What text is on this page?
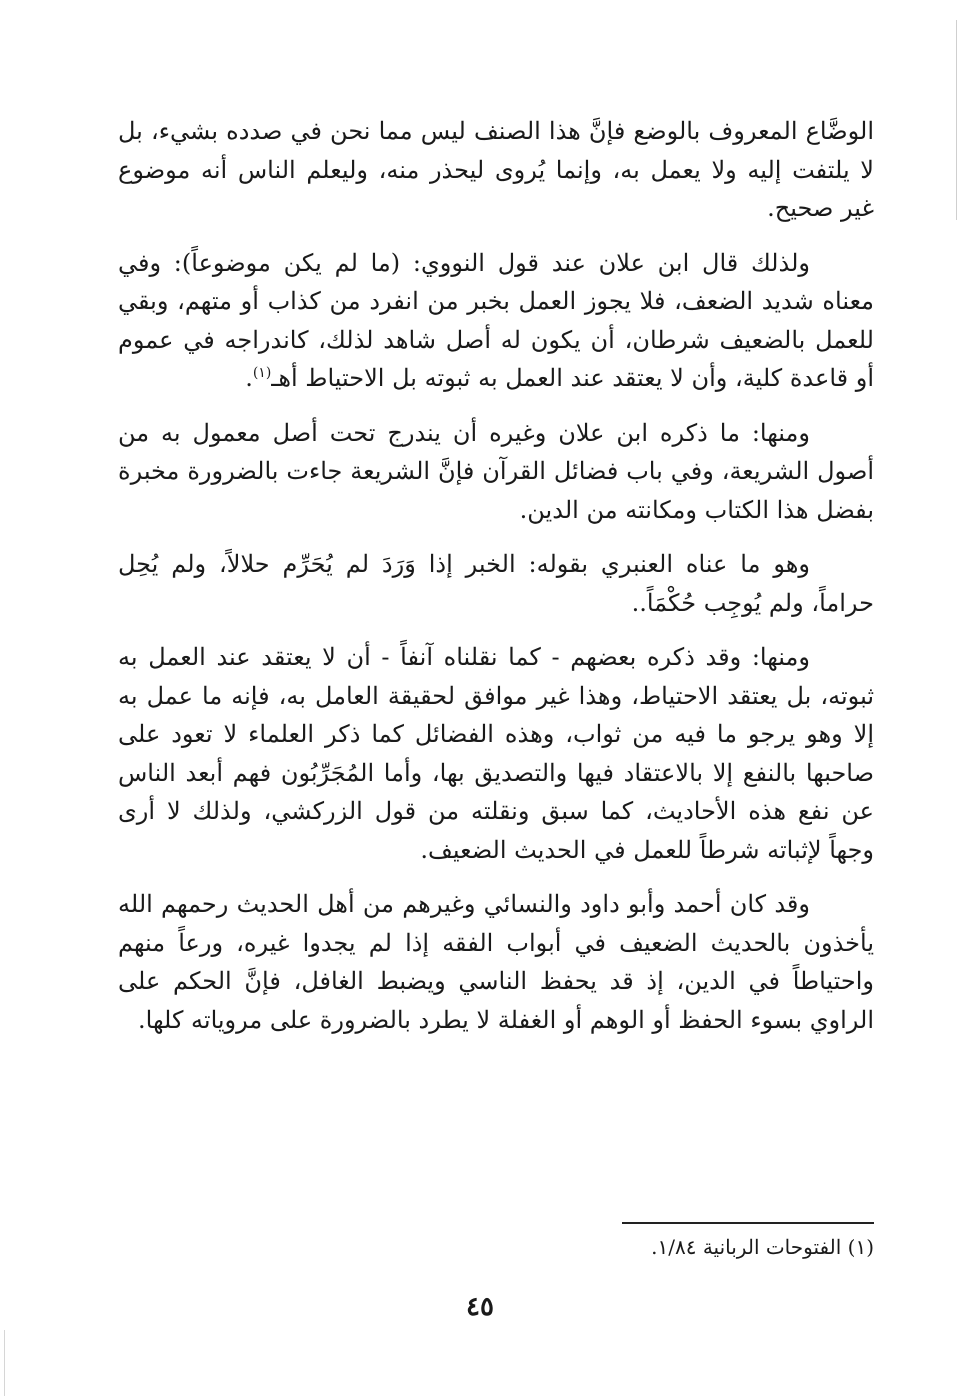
الوضَّاع المعروف بالوضع فإنَّ هذا الصنف ليس مما نحن في صدده بشيء، بل لا يلتفت إليه ولا يعمل به، وإنما يُروى ليحذر منه، وليعلم الناس أنه موضوع غير صحيح.

ولذلك قال ابن علان عند قول النووي: (ما لم يكن موضوعاً): وفي معناه شديد الضعف، فلا يجوز العمل بخبر من انفرد من كذاب أو متهم، وبقي للعمل بالضعيف شرطان، أن يكون له أصل شاهد لذلك، كاندراجه في عموم أو قاعدة كلية، وأن لا يعتقد عند العمل به ثبوته بل الاحتياط أهـ$^{(١)}$.

ومنها: ما ذكره ابن علان وغيره أن يندرج تحت أصل معمول به من أصول الشريعة، وفي باب فضائل القرآن فإنَّ الشريعة جاءت بالضرورة مخبرة بفضل هذا الكتاب ومكانته من الدين.

وهو ما عناه العنبري بقوله: الخبر إذا وَرَدَ لم يُحَرِّم حلالاً، ولم يُحِل حراماً، ولم يُوجِب حُكْمَاً..

ومنها: وقد ذكره بعضهم - كما نقلناه آنفاً - أن لا يعتقد عند العمل به ثبوته، بل يعتقد الاحتياط، وهذا غير موافق لحقيقة العامل به، فإنه ما عمل به إلا وهو يرجو ما فيه من ثواب، وهذه الفضائل كما ذكر العلماء لا تعود على صاحبها بالنفع إلا بالاعتقاد فيها والتصديق بها، وأما المُجَرِّبُون فهم أبعد الناس عن نفع هذه الأحاديث، كما سبق ونقلته من قول الزركشي، ولذلك لا أرى وجهاً لإثباته شرطاً للعمل في الحديث الضعيف.

وقد كان أحمد وأبو داود والنسائي وغيرهم من أهل الحديث رحمهم الله يأخذون بالحديث الضعيف في أبواب الفقه إذا لم يجدوا غيره، ورعاً منهم واحتياطاً في الدين، إذ قد يحفظ الناسي ويضبط الغافل، فإنَّ الحكم على الراوي بسوء الحفظ أو الوهم أو الغفلة لا يطرد بالضرورة على مروياته كلها.

(١) الفتوحات الربانية ١/٨٤.
٤٥
